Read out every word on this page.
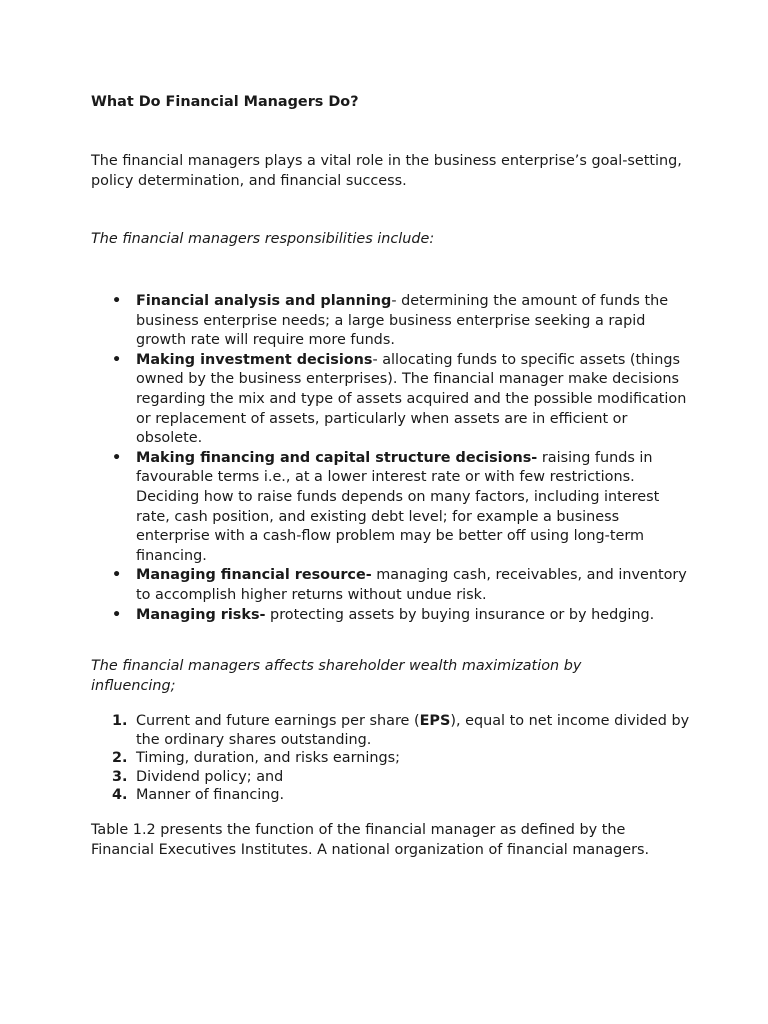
What Do Financial Managers Do?

The financial managers plays a vital role in the business enterprise’s goal-setting, policy determination, and financial success.

The financial managers responsibilities include:

• Financial analysis and planning- determining the amount of funds the business enterprise needs; a large business enterprise seeking a rapid growth rate will require more funds.
• Making investment decisions- allocating funds to specific assets (things owned by the business enterprises). The financial manager make decisions regarding the mix and type of assets acquired and the possible modification or replacement of assets, particularly when assets are in efficient or obsolete.
• Making financing and capital structure decisions- raising funds in favourable terms i.e., at a lower interest rate or with few restrictions. Deciding how to raise funds depends on many factors, including interest rate, cash position, and existing debt level; for example a business enterprise with a cash-flow problem may be better off using long-term financing.
• Managing financial resource- managing cash, receivables, and inventory to accomplish higher returns without undue risk.
• Managing risks- protecting assets by buying insurance or by hedging.

The financial managers affects shareholder wealth maximization by influencing;

1. Current and future earnings per share (EPS), equal to net income divided by the ordinary shares outstanding.
2. Timing, duration, and risks earnings;
3. Dividend policy; and
4. Manner of financing.

Table 1.2 presents the function of the financial manager as defined by the Financial Executives Institutes. A national organization of financial managers.
